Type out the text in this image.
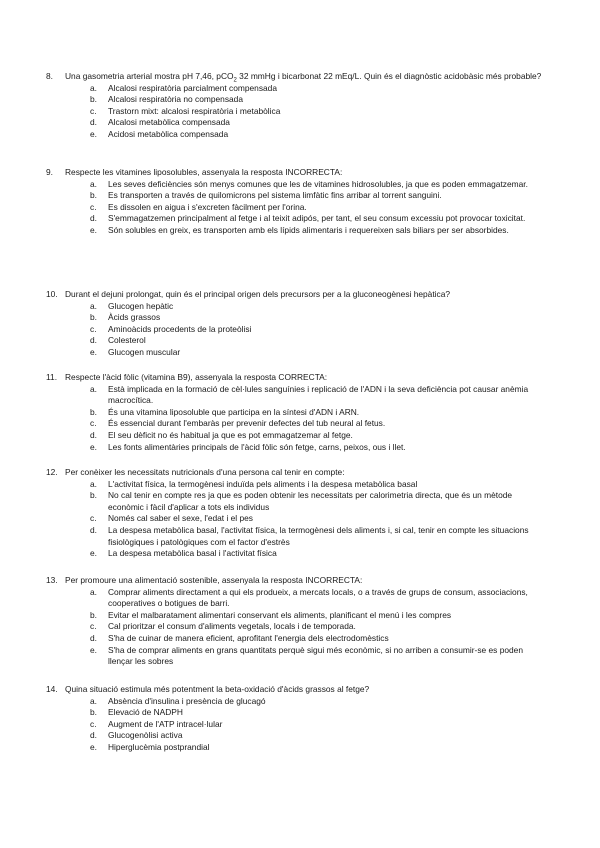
8. Una gasometria arterial mostra pH 7,46, pCO$_2$ 32 mmHg i bicarbonat 22 mEq/L. Quin és el diagnòstic acidobàsic més probable?
a. Alcalosi respiratòria parcialment compensada
b. Alcalosi respiratòria no compensada
c. Trastorn mixt: alcalosi respiratòria i metabòlica
d. Alcalosi metabòlica compensada
e. Acidosi metabòlica compensada
9. Respecte les vitamines liposolubles, assenyala la resposta INCORRECTA:
a. Les seves deficiències són menys comunes que les de vitamines hidrosolubles, ja que es poden emmagatzemar.
b. Es transporten a través de quilomicrons pel sistema limfàtic fins arribar al torrent sanguini.
c. Es dissolen en aigua i s'excreten fàcilment per l'orina.
d. S'emmagatzemen principalment al fetge i al teixit adipós, per tant, el seu consum excessiu pot provocar toxicitat.
e. Són solubles en greix, es transporten amb els lípids alimentaris i requereixen sals biliars per ser absorbides.
10. Durant el dejuni prolongat, quin és el principal origen dels precursors per a la gluconeogènesi hepàtica?
a. Glucogen hepàtic
b. Àcids grassos
c. Aminoàcids procedents de la proteòlisi
d. Colesterol
e. Glucogen muscular
11. Respecte l'àcid fòlic (vitamina B9), assenyala la resposta CORRECTA:
a. Està implicada en la formació de cèl·lules sanguínies i replicació de l'ADN i la seva deficiència pot causar anèmia macrocítica.
b. És una vitamina liposoluble que participa en la síntesi d'ADN i ARN.
c. És essencial durant l'embaràs per prevenir defectes del tub neural al fetus.
d. El seu dèficit no és habitual ja que es pot emmagatzemar al fetge.
e. Les fonts alimentàries principals de l'àcid fòlic són fetge, carns, peixos, ous i llet.
12. Per conèixer les necessitats nutricionals d'una persona cal tenir en compte:
a. L'activitat física, la termogènesi induïda pels aliments i la despesa metabòlica basal
b. No cal tenir en compte res ja que es poden obtenir les necessitats per calorimetria directa, que és un mètode econòmic i fàcil d'aplicar a tots els individus
c. Només cal saber el sexe, l'edat i el pes
d. La despesa metabòlica basal, l'activitat física, la termogènesi dels aliments i, si cal, tenir en compte les situacions fisiològiques i patològiques com el factor d'estrès
e. La despesa metabòlica basal i l'activitat física
13. Per promoure una alimentació sostenible, assenyala la resposta INCORRECTA:
a. Comprar aliments directament a qui els produeix, a mercats locals, o a través de grups de consum, associacions, cooperatives o botigues de barri.
b. Evitar el malbaratament alimentari conservant els aliments, planificant el menú i les compres
c. Cal prioritzar el consum d'aliments vegetals, locals i de temporada.
d. S'ha de cuinar de manera eficient, aprofitant l'energia dels electrodomèstics
e. S'ha de comprar aliments en grans quantitats perquè sigui més econòmic, si no arriben a consumir-se es poden llençar les sobres
14. Quina situació estimula més potentment la beta-oxidació d'àcids grassos al fetge?
a. Absència d'insulina i presència de glucagó
b. Elevació de NADPH
c. Augment de l'ATP intracel·lular
d. Glucogenòlisi activa
e. Hiperglucèmia postprandial
